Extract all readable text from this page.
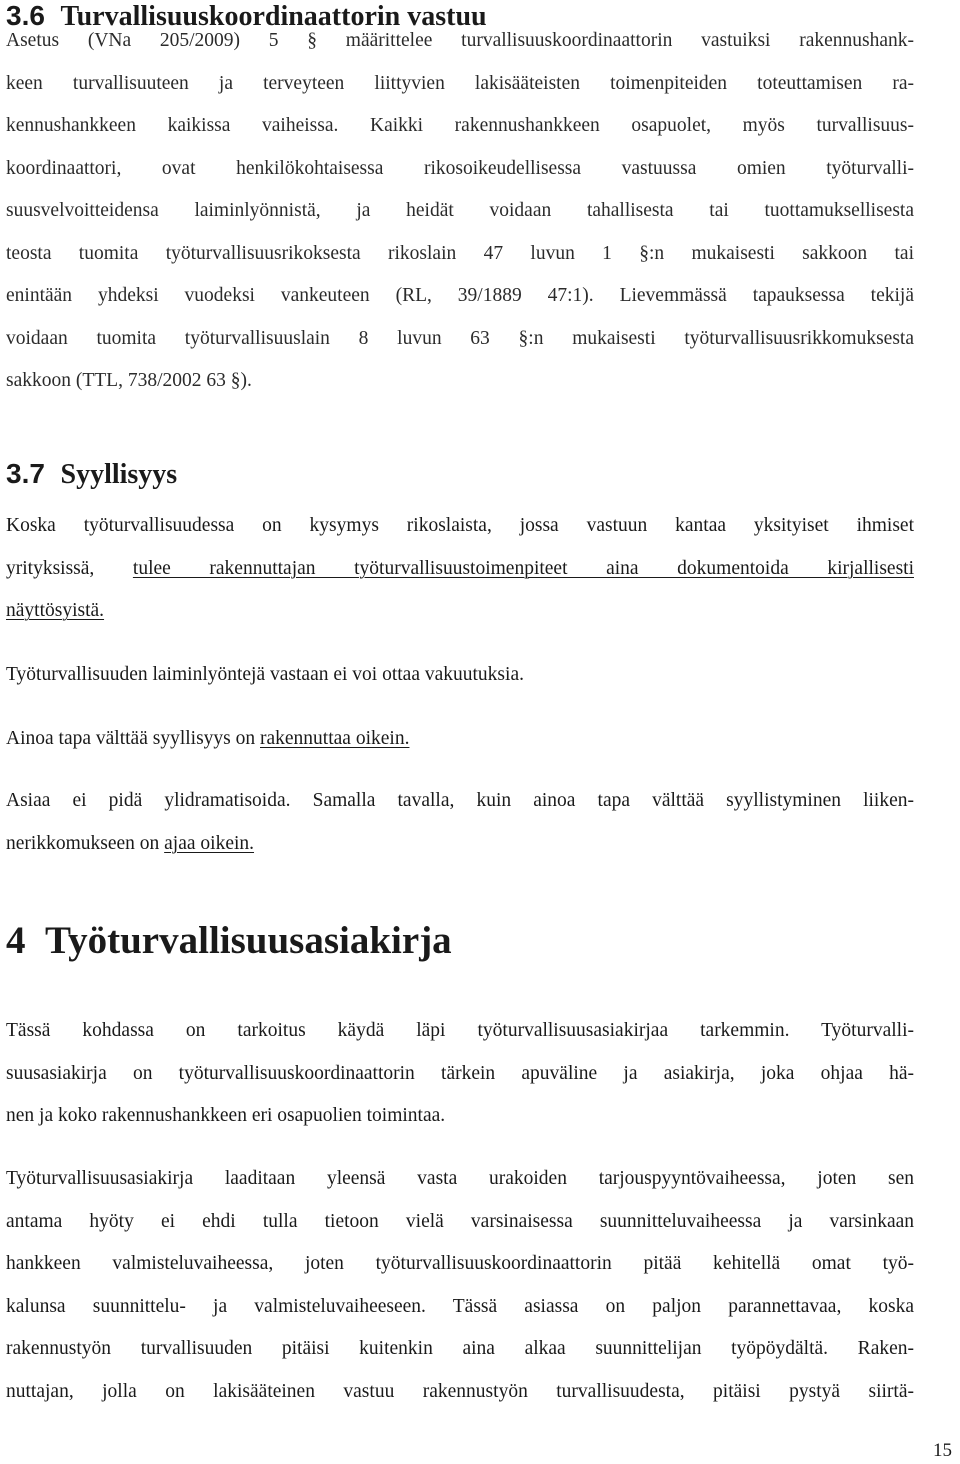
3.6 Turvallisuuskoordinaattorin vastuu
Asetus (VNa 205/2009) 5 § määrittelee turvallisuuskoordinaattorin vastuiksi rakennushank-
keen turvallisuuteen ja terveyteen liittyvien lakisääteisten toimenpiteiden toteuttamisen ra-
kennushankkeen kaikissa vaiheissa. Kaikki rakennushankkeen osapuolet, myös turvallisuus-
koordinaattori, ovat henkilökohtaisessa rikosoikeudellisessa vastuussa omien työturvalli-
suusvelvoitteidensa laiminlyönnistä, ja heidät voidaan tahallisesta tai tuottamuksellisesta
teosta tuomita työturvallisuusrikoksesta rikoslain 47 luvun 1 §:n mukaisesti sakkoon tai
enintään yhdeksi vuodeksi vankeuteen (RL, 39/1889 47:1). Lievemmässä tapauksessa tekijä
voidaan tuomita työturvallisuuslain 8 luvun 63 §:n mukaisesti työturvallisuusrikkomuksesta
sakkoon (TTL, 738/2002 63 §).
3.7 Syyllisyys
Koska työturvallisuudessa on kysymys rikoslaista, jossa vastuun kantaa yksityiset ihmiset
yrityksissä, tulee rakennuttajan työturvallisuustoimenpiteet aina dokumentoida kirjallisesti
näyttösyistä.
Työturvallisuuden laiminlyöntejä vastaan ei voi ottaa vakuutuksia.
Ainoa tapa välttää syyllisyys on rakennuttaa oikein.
Asiaa ei pidä ylidramatisoida. Samalla tavalla, kuin ainoa tapa välttää syyllistyminen liiken-
nerikkomukseen on ajaa oikein.
4 Työturvallisuusasiakirja
Tässä kohdassa on tarkoitus käydä läpi työturvallisuusasiakirjaa tarkemmin. Työturvalli-
suusasiakirja on työturvallisuuskoordinaattorin tärkein apuväline ja asiakirja, joka ohjaa hä-
nen ja koko rakennushankkeen eri osapuolien toimintaa.
Työturvallisuusasiakirja laaditaan yleensä vasta urakoiden tarjouspyyntövaiheessa, joten sen
antama hyöty ei ehdi tulla tietoon vielä varsinaisessa suunnitteluvaiheessa ja varsinkaan
hankkeen valmisteluvaiheessa, joten työturvallisuuskoordinaattorin pitää kehitellä omat työ-
kalunsa suunnittelu- ja valmisteluvaiheeseen. Tässä asiassa on paljon parannettavaa, koska
rakennustyön turvallisuuden pitäisi kuitenkin aina alkaa suunnittelijan työpöydältä. Raken-
nuttajan, jolla on lakisääteinen vastuu rakennustyön turvallisuudesta, pitäisi pystyä siirtä-
15
